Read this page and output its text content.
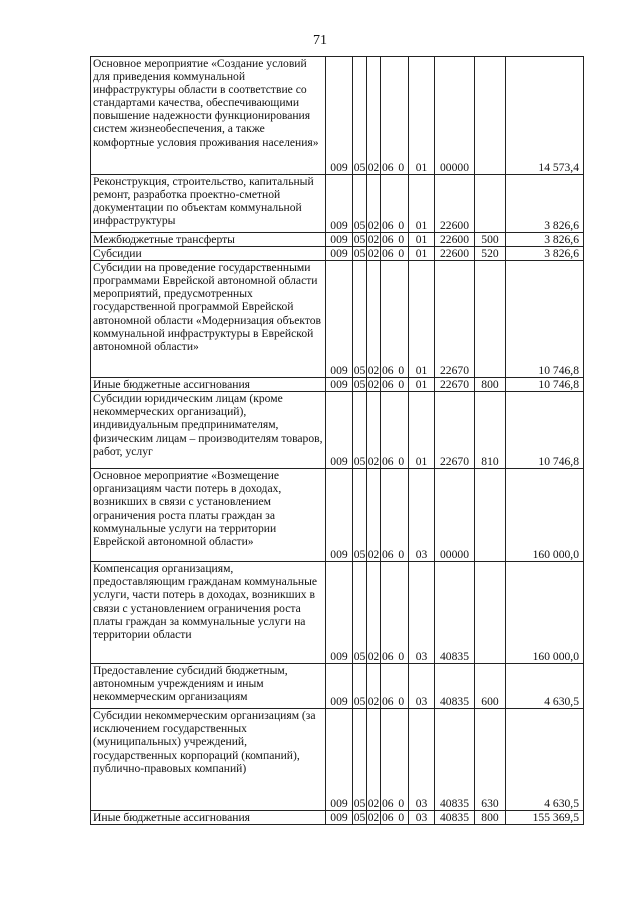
71
Основное мероприятие «Создание условий для приведения коммунальной инфраструктуры области в соответствие со стандартами качества, обеспечивающими повышение надежности функционирования систем жизнеобеспечения, а также комфортные условия проживания населения»	009	05	02	06	0	01	00000		14 573,4
Реконструкция, строительство, капитальный ремонт, разработка проектно-сметной документации по объектам коммунальной инфраструктуры	009	05	02	06	0	01	22600		3 826,6
Межбюджетные трансферты	009	05	02	06	0	01	22600	500	3 826,6
Субсидии	009	05	02	06	0	01	22600	520	3 826,6
Субсидии на проведение государственными программами Еврейской автономной области мероприятий, предусмотренных государственной программой Еврейской автономной области «Модернизация объектов коммунальной инфраструктуры в Еврейской автономной области»	009	05	02	06	0	01	22670		10 746,8
Иные бюджетные ассигнования	009	05	02	06	0	01	22670	800	10 746,8
Субсидии юридическим лицам (кроме некоммерческих организаций), индивидуальным предпринимателям, физическим лицам – производителям товаров, работ, услуг	009	05	02	06	0	01	22670	810	10 746,8
Основное мероприятие «Возмещение организациям части потерь в доходах, возникших в связи с установлением ограничения роста платы граждан за коммунальные услуги на территории Еврейской автономной области»	009	05	02	06	0	03	00000		160 000,0
Компенсация организациям, предоставляющим гражданам коммунальные услуги, части потерь в доходах, возникших в связи с установлением ограничения роста платы граждан за коммунальные услуги на территории области	009	05	02	06	0	03	40835		160 000,0
Предоставление субсидий бюджетным, автономным учреждениям и иным некоммерческим организациям	009	05	02	06	0	03	40835	600	4 630,5
Субсидии некоммерческим организациям (за исключением государственных (муниципальных) учреждений, государственных корпораций (компаний), публично-правовых компаний)	009	05	02	06	0	03	40835	630	4 630,5
Иные бюджетные ассигнования	009	05	02	06	0	03	40835	800	155 369,5
